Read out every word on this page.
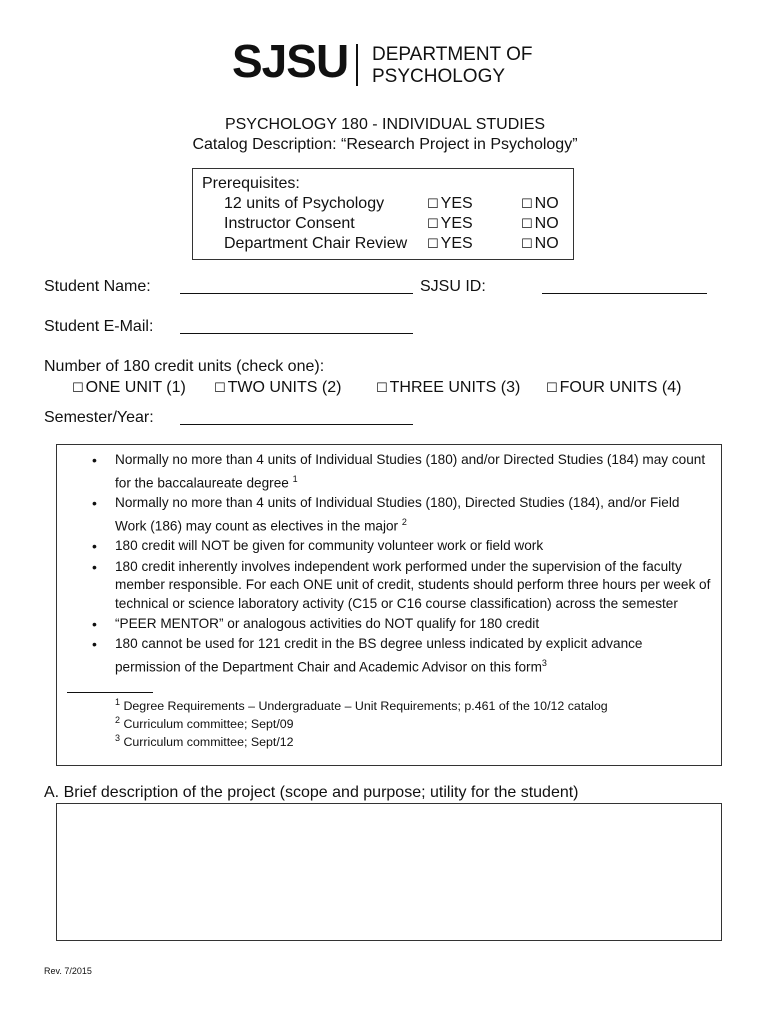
SJSU DEPARTMENT OF
PSYCHOLOGY
PSYCHOLOGY 180 - INDIVIDUAL STUDIES
Catalog Description: “Research Project in Psychology”
Prerequisites:
12 units of Psychology	☐ YES	☐ NO
Instructor Consent	☐ YES	☐ NO
Department Chair Review ☐ YES	☐ NO
Student Name:	SJSU ID:
Student E-Mail:
Number of 180 credit units (check one):
☐ ONE UNIT (1) ☐ TWO UNITS (2)	☐ THREE UNITS (3) ☐ FOUR UNITS (4)
Semester/Year:
• Normally no more than 4 units of Individual Studies (180) and/or Directed Studies (184) may count for the baccalaureate degree $^1$
• Normally no more than 4 units of Individual Studies (180), Directed Studies (184), and/or Field Work (186) may count as electives in the major $^2$
• 180 credit will NOT be given for community volunteer work or field work
• 180 credit inherently involves independent work performed under the supervision of the faculty member responsible. For each ONE unit of credit, students should perform three hours per week of technical or science laboratory activity (C15 or C16 course classification) across the semester
• “PEER MENTOR” or analogous activities do NOT qualify for 180 credit
• 180 cannot be used for 121 credit in the BS degree unless indicated by explicit advance permission of the Department Chair and Academic Advisor on this form$^3$
$^1$ Degree Requirements – Undergraduate – Unit Requirements; p.461 of the 10/12 catalog
$^2$ Curriculum committee; Sept/09
$^3$ Curriculum committee; Sept/12
A. Brief description of the project (scope and purpose; utility for the student)
Rev. 7/2015
